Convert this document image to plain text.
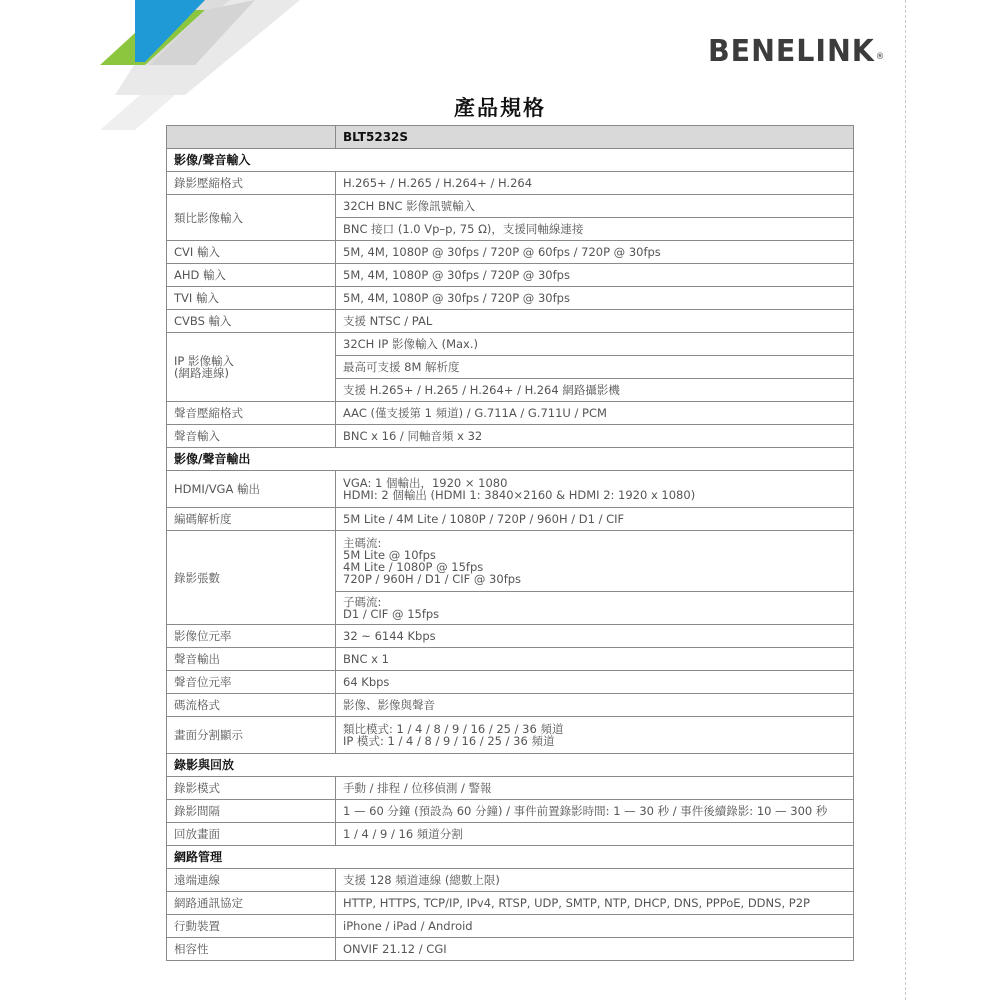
BENELINK®
產品規格
	BLT5232S
影像/聲音輸入	
錄影壓縮格式	H.265+ / H.265 / H.264+ / H.264
類比影像輸入	32CH BNC 影像訊號輸入
	BNC 接口 (1.0 Vp–p, 75 Ω)，支援同軸線連接
CVI 輸入	5M, 4M, 1080P @ 30fps / 720P @ 60fps / 720P @ 30fps
AHD 輸入	5M, 4M, 1080P @ 30fps / 720P @ 30fps
TVI 輸入	5M, 4M, 1080P @ 30fps / 720P @ 30fps
CVBS 輸入	支援 NTSC / PAL
IP 影像輸入
(網路連線)	32CH IP 影像輸入 (Max.)
	最高可支援 8M 解析度
	支援 H.265+ / H.265 / H.264+ / H.264 網路攝影機
聲音壓縮格式	AAC (僅支援第 1 頻道) / G.711A / G.711U / PCM
聲音輸入	BNC x 16 / 同軸音頻 x 32
影像/聲音輸出	
HDMI/VGA 輸出	VGA: 1 個輸出，1920 × 1080
HDMI: 2 個輸出 (HDMI 1: 3840×2160 & HDMI 2: 1920 x 1080)
編碼解析度	5M Lite / 4M Lite / 1080P / 720P / 960H / D1 / CIF
錄影張數	主碼流:
5M Lite @ 10fps
4M Lite / 1080P @ 15fps
720P / 960H / D1 / CIF @ 30fps
	子碼流:
D1 / CIF @ 15fps
影像位元率	32 ~ 6144 Kbps
聲音輸出	BNC x 1
聲音位元率	64 Kbps
碼流格式	影像、影像與聲音
畫面分割顯示	類比模式: 1 / 4 / 8 / 9 / 16 / 25 / 36 頻道
IP 模式: 1 / 4 / 8 / 9 / 16 / 25 / 36 頻道
錄影與回放	
錄影模式	手動 / 排程 / 位移偵測 / 警報
錄影間隔	1 — 60 分鐘 (預設為 60 分鐘) / 事件前置錄影時間: 1 — 30 秒 / 事件後續錄影: 10 — 300 秒
回放畫面	1 / 4 / 9 / 16 頻道分割
網路管理	
遠端連線	支援 128 頻道連線 (總數上限)
網路通訊協定	HTTP, HTTPS, TCP/IP, IPv4, RTSP, UDP, SMTP, NTP, DHCP, DNS, PPPoE, DDNS, P2P
行動裝置	iPhone / iPad / Android
相容性	ONVIF 21.12 / CGI
